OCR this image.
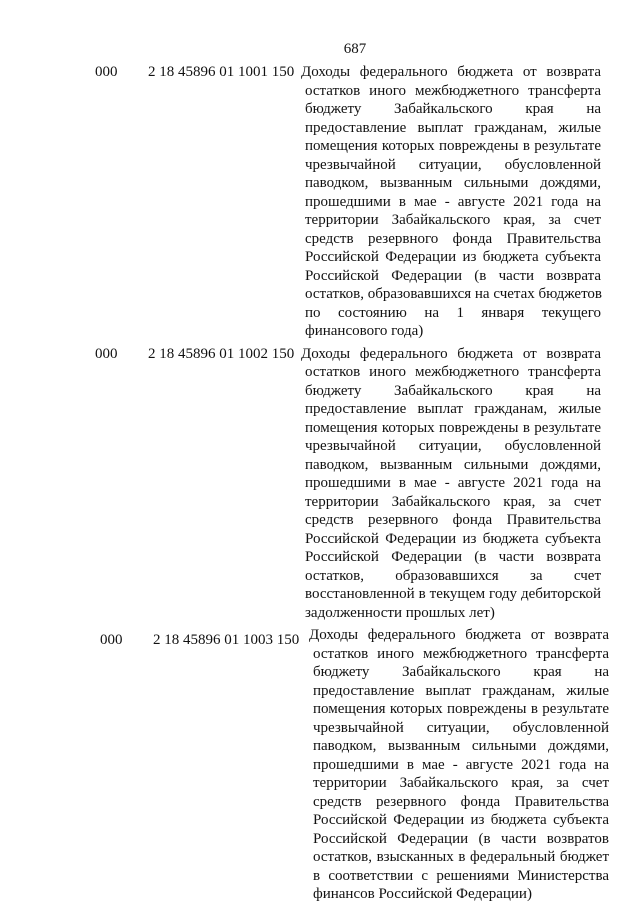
687
000 2 18 45896 01 1001 150 Доходы федерального бюджета от возврата
остатков иного межбюджетного трансферта
бюджету Забайкальского края на
предоставление выплат гражданам, жилые
помещения которых повреждены в результате
чрезвычайной ситуации, обусловленной
паводком, вызванным сильными дождями,
прошедшими в мае - августе 2021 года на
территории Забайкальского края, за счет
средств резервного фонда Правительства
Российской Федерации из бюджета субъекта
Российской Федерации (в части возврата
остатков, образовавшихся на счетах бюджетов
по состоянию на 1 января текущего
финансового года)
000 2 18 45896 01 1002 150 Доходы федерального бюджета от возврата
остатков иного межбюджетного трансферта
бюджету Забайкальского края на
предоставление выплат гражданам, жилые
помещения которых повреждены в результате
чрезвычайной ситуации, обусловленной
паводком, вызванным сильными дождями,
прошедшими в мае - августе 2021 года на
территории Забайкальского края, за счет
средств резервного фонда Правительства
Российской Федерации из бюджета субъекта
Российской Федерации (в части возврата
остатков, образовавшихся за счет
восстановленной в текущем году дебиторской
задолженности прошлых лет)
000 2 18 45896 01 1003 150 Доходы федерального бюджета от возврата
остатков иного межбюджетного трансферта
бюджету Забайкальского края на
предоставление выплат гражданам, жилые
помещения которых повреждены в результате
чрезвычайной ситуации, обусловленной
паводком, вызванным сильными дождями,
прошедшими в мае - августе 2021 года на
территории Забайкальского края, за счет
средств резервного фонда Правительства
Российской Федерации из бюджета субъекта
Российской Федерации (в части возвратов
остатков, взысканных в федеральный бюджет
в соответствии с решениями Министерства
финансов Российской Федерации)
